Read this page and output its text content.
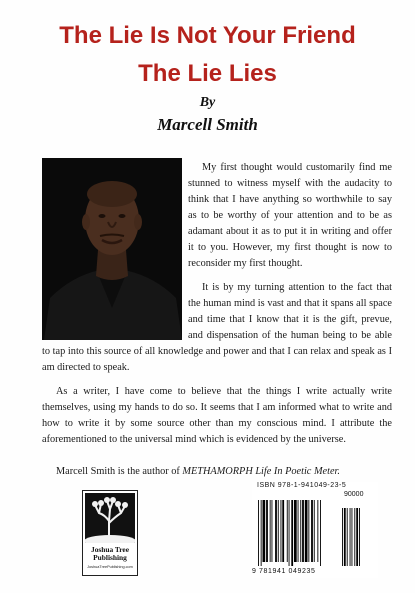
The Lie Is Not Your Friend
The Lie Lies
By
Marcell Smith

My first thought would customarily find me stunned to witness myself with the audacity to think that I have anything so worthwhile to say as to be worthy of your attention and to be as adamant about it as to put it in writing and offer it to you. However, my first thought is now to reconsider my first thought.

It is by my turning attention to the fact that the human mind is vast and that it spans all space and time that I know that it is the gift, prevue, and dispensation of the human being to be able to tap into this source of all knowledge and power and that I can relax and speak as I am directed to speak.

As a writer, I have come to believe that the things I write actually write themselves, using my hands to do so. It seems that I am informed what to write and how to write it by some source other than my conscious mind. I attribute the aforementioned to the universal mind which is evidenced by the universe.

Marcell Smith is the author of METHAMORPH Life In Poetic Meter.
Joshua Tree
Publishing
JoshuaTreePublishing.com
ISBN 978-1-941049-23-5
90000
9 781941 049235
